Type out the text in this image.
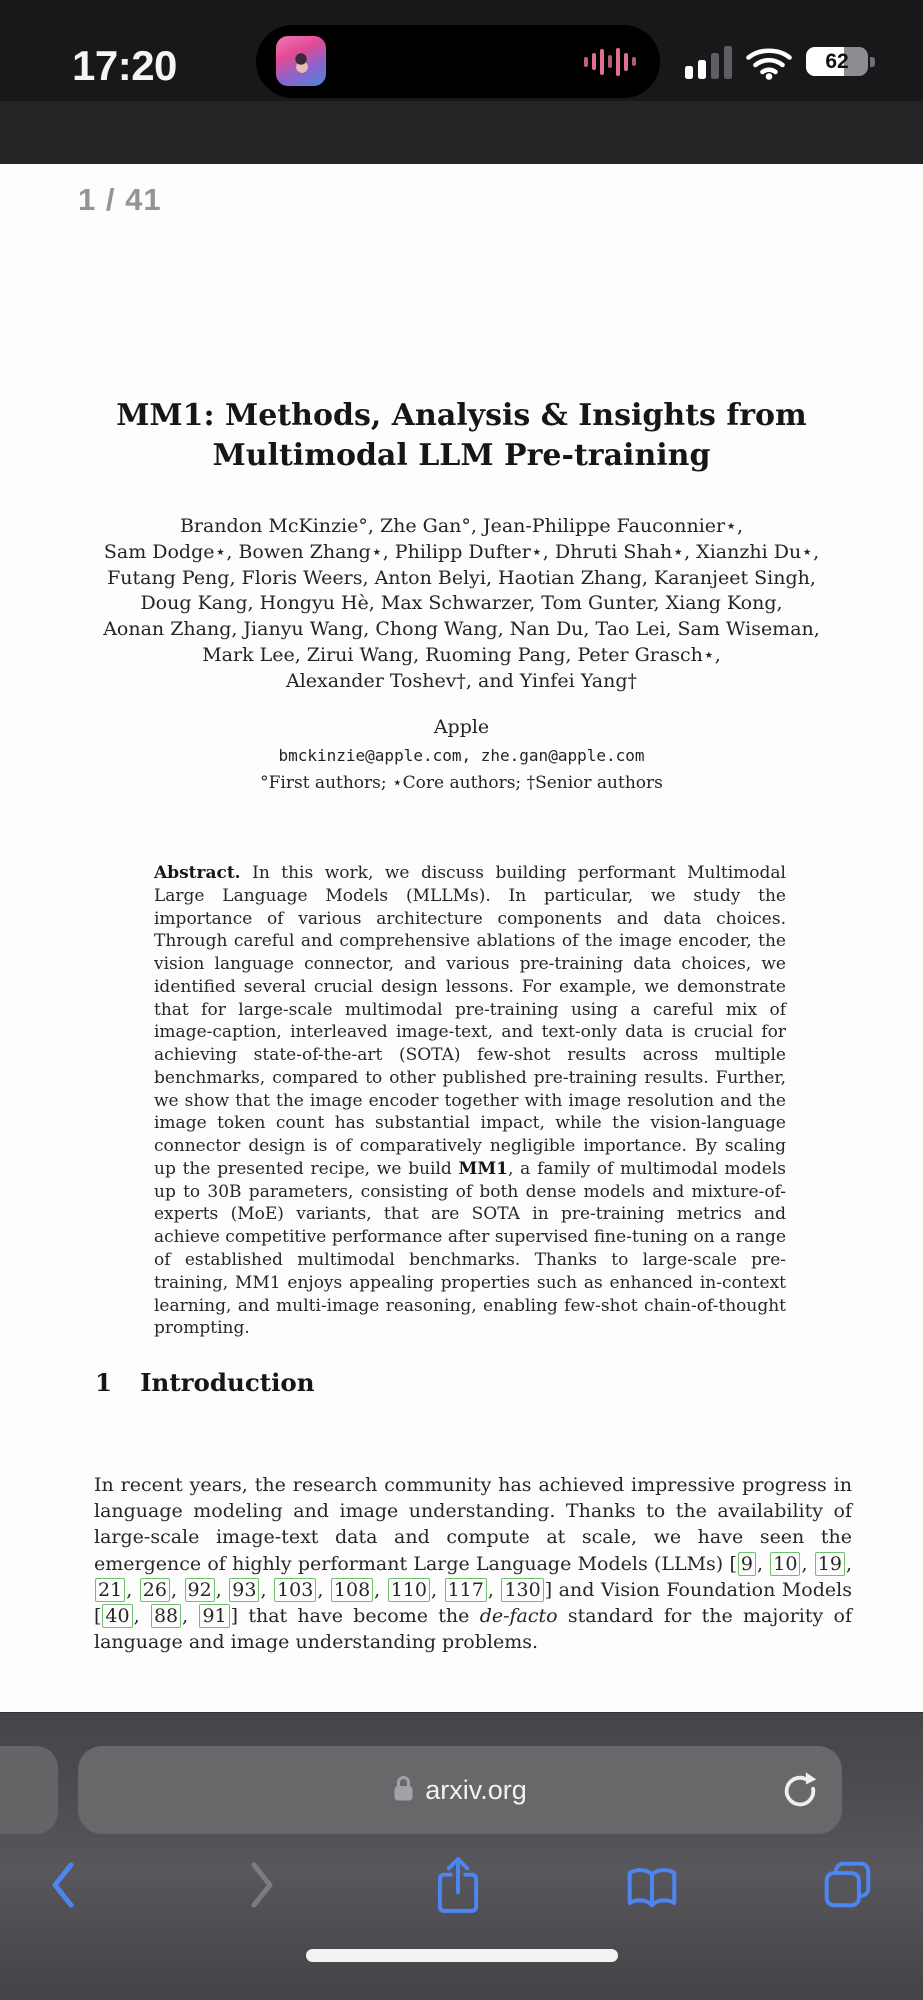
17:20	62
1 / 41
MM1: Methods, Analysis & Insights from
Multimodal LLM Pre-training
Brandon McKinzie°, Zhe Gan°, Jean-Philippe Fauconnier⋆,
Sam Dodge⋆, Bowen Zhang⋆, Philipp Dufter⋆, Dhruti Shah⋆, Xianzhi Du⋆,
Futang Peng, Floris Weers, Anton Belyi, Haotian Zhang, Karanjeet Singh,
Doug Kang, Hongyu Hè, Max Schwarzer, Tom Gunter, Xiang Kong,
Aonan Zhang, Jianyu Wang, Chong Wang, Nan Du, Tao Lei, Sam Wiseman,
Mark Lee, Zirui Wang, Ruoming Pang, Peter Grasch⋆,
Alexander Toshev†, and Yinfei Yang†
Apple
bmckinzie@apple.com, zhe.gan@apple.com
°First authors; ⋆Core authors; †Senior authors
Abstract. In this work, we discuss building performant Multimodal Large Language Models (MLLMs). In particular, we study the importance of various architecture components and data choices. Through careful and comprehensive ablations of the image encoder, the vision language connector, and various pre-training data choices, we identified several crucial design lessons. For example, we demonstrate that for large-scale multimodal pre-training using a careful mix of image-caption, interleaved image-text, and text-only data is crucial for achieving state-of-the-art (SOTA) few-shot results across multiple benchmarks, compared to other published pre-training results. Further, we show that the image encoder together with image resolution and the image token count has substantial impact, while the vision-language connector design is of comparatively negligible importance. By scaling up the presented recipe, we build MM1, a family of multimodal models up to 30B parameters, consisting of both dense models and mixture-of-experts (MoE) variants, that are SOTA in pre-training metrics and achieve competitive performance after supervised fine-tuning on a range of established multimodal benchmarks. Thanks to large-scale pre-training, MM1 enjoys appealing properties such as enhanced in-context learning, and multi-image reasoning, enabling few-shot chain-of-thought prompting.
1 Introduction
In recent years, the research community has achieved impressive progress in language modeling and image understanding. Thanks to the availability of large-scale image-text data and compute at scale, we have seen the emergence of highly performant Large Language Models (LLMs) [ 9 , 10 , 19 , 21 , 26 , 92 , 93 , 103 , 108 , 110 , 117 , 130 ] and Vision Foundation Models [ 40 , 88 , 91 ] that have become the de-facto standard for the majority of language and image understanding problems.
arxiv.org
